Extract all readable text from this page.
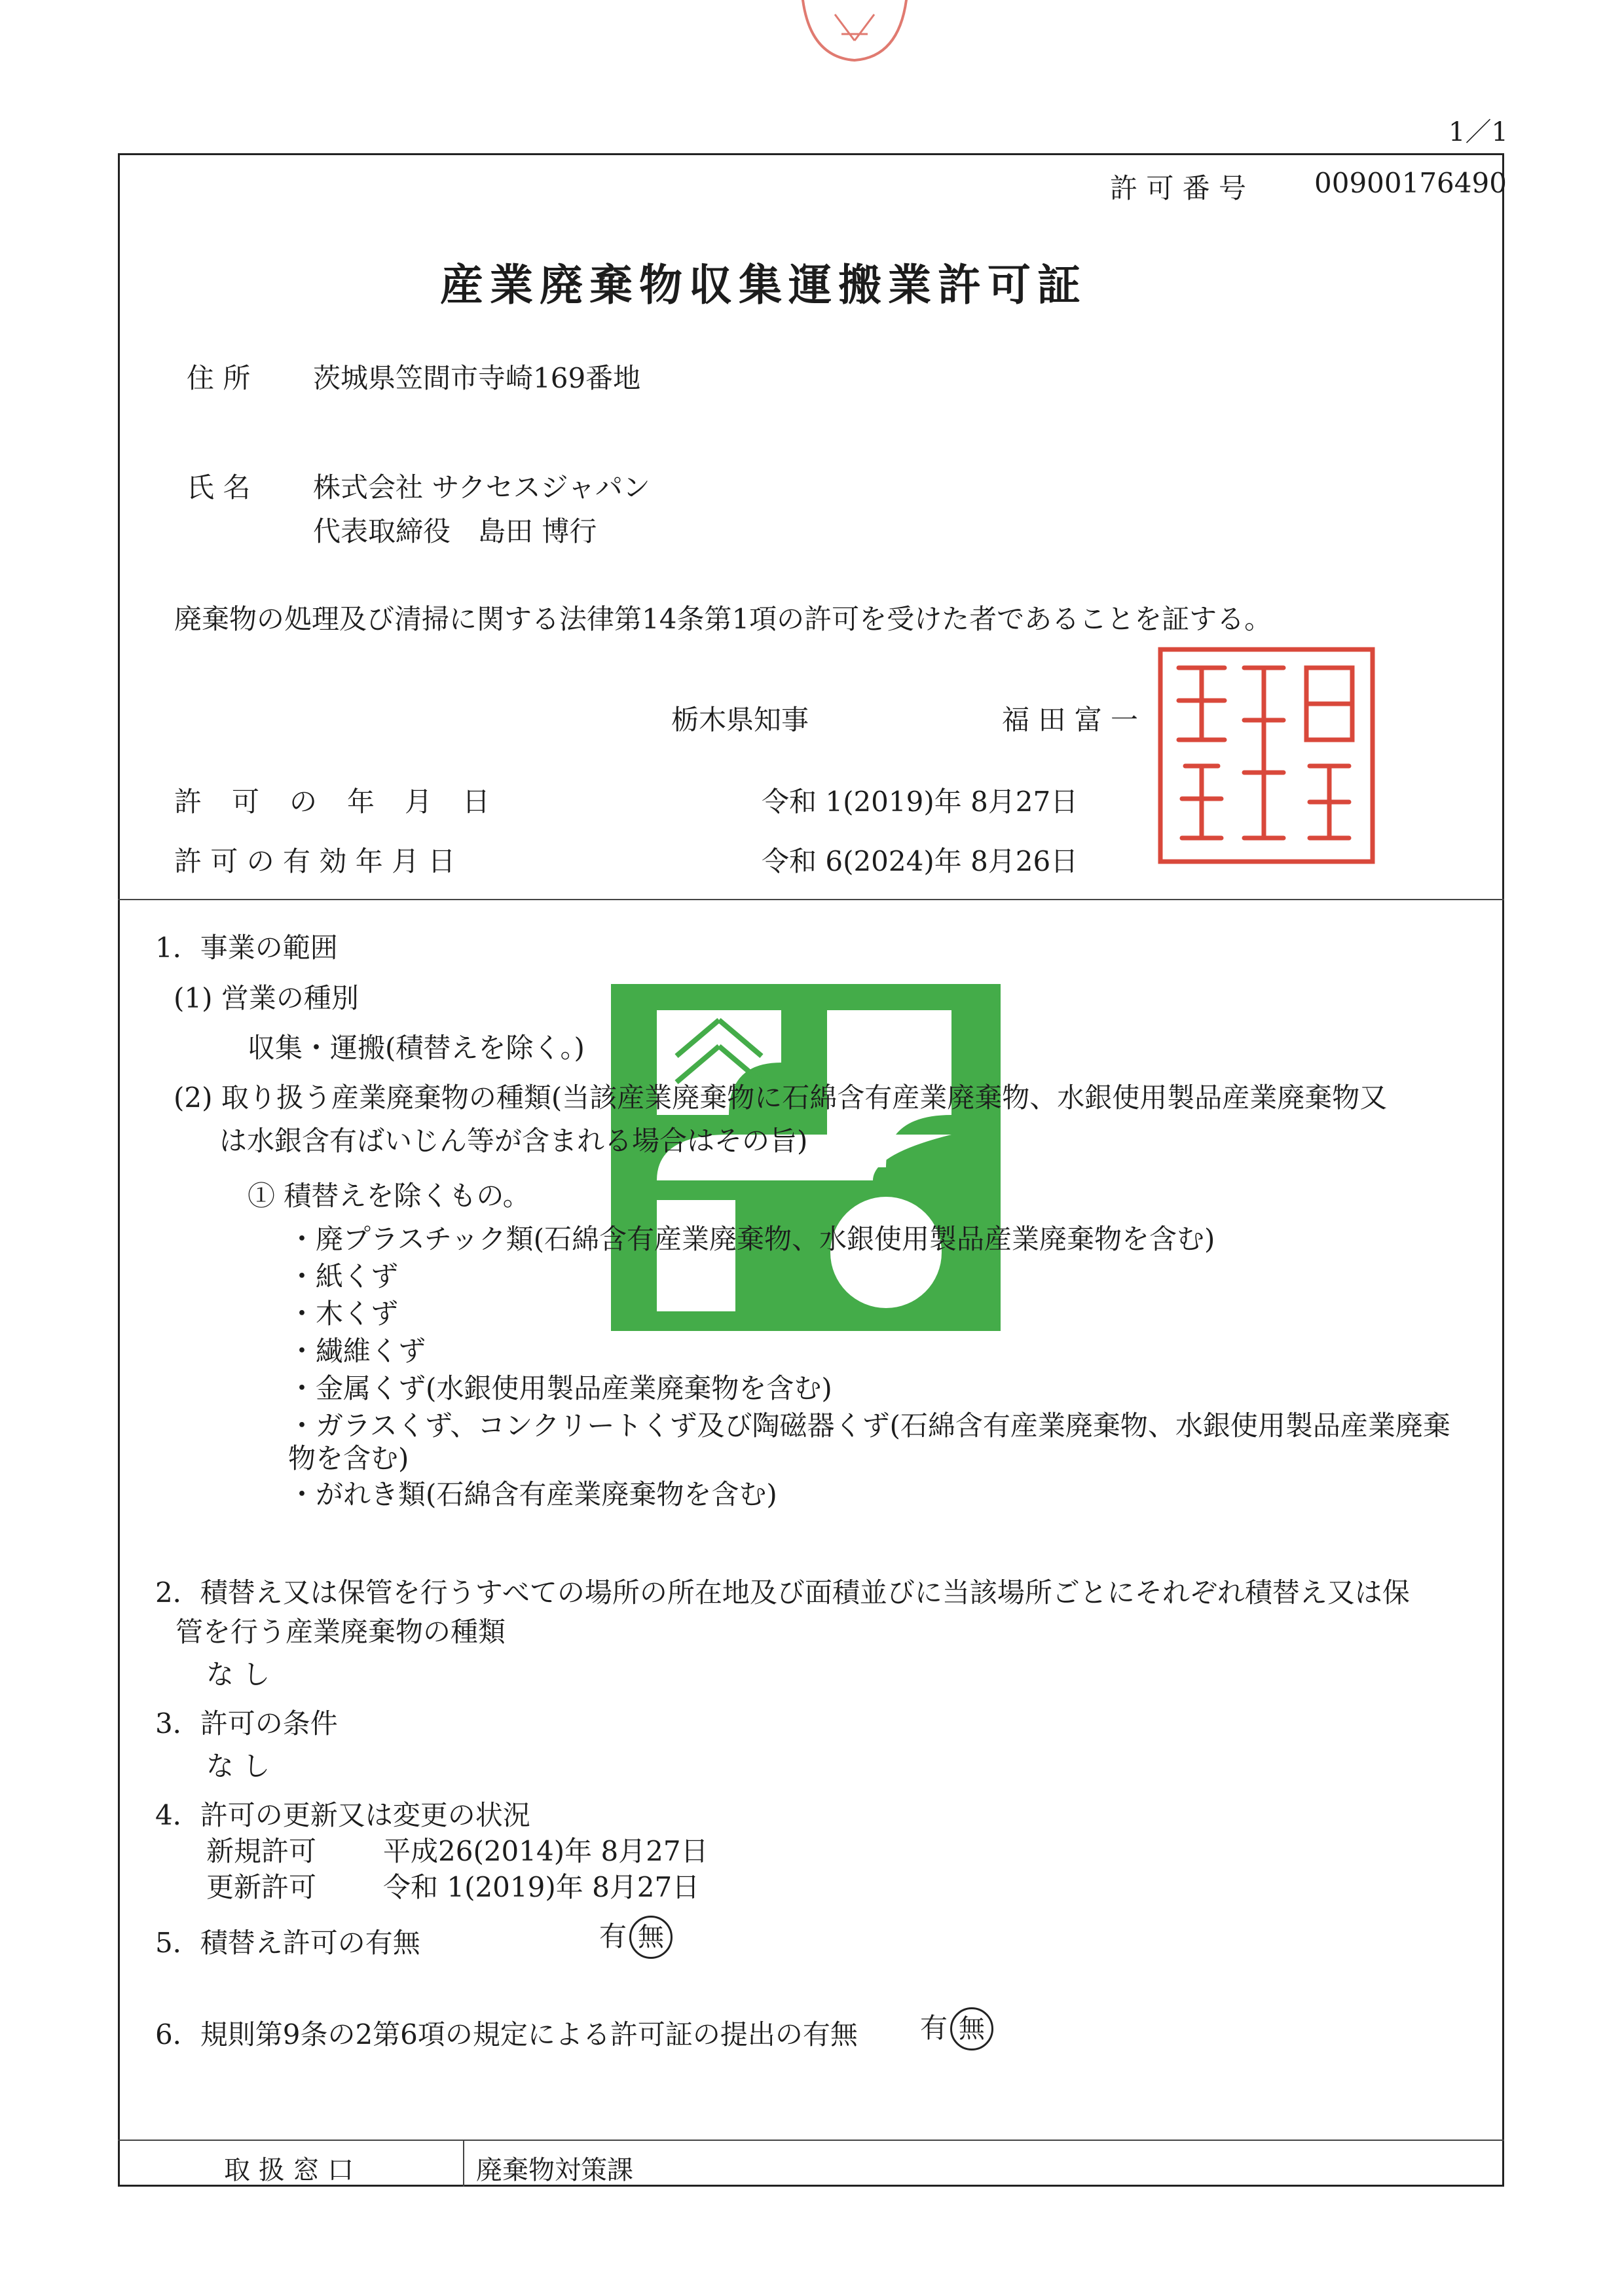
1／1
許 可 番 号 00900176490
産業廃棄物収集運搬業許可証
住 所 茨城県笠間市寺崎169番地
氏 名 株式会社 サクセスジャパン
代表取締役　島田 博行
廃棄物の処理及び清掃に関する法律第14条第1項の許可を受けた者であることを証する。
栃木県知事	福 田 富 一
許　可　の　年　月　日	令和 1(2019)年 8月27日
許 可 の 有 効 年 月 日	令和 6(2024)年 8月26日
1．事業の範囲
(1) 営業の種別
収集・運搬(積替えを除く。)
(2) 取り扱う産業廃棄物の種類(当該産業廃棄物に石綿含有産業廃棄物、水銀使用製品産業廃棄物又
は水銀含有ばいじん等が含まれる場合はその旨)
① 積替えを除くもの。
・廃プラスチック類(石綿含有産業廃棄物、水銀使用製品産業廃棄物を含む)
・紙くず
・木くず
・繊維くず
・金属くず(水銀使用製品産業廃棄物を含む)
・ガラスくず、コンクリートくず及び陶磁器くず(石綿含有産業廃棄物、水銀使用製品産業廃棄
物を含む)
・がれき類(石綿含有産業廃棄物を含む)
2．積替え又は保管を行うすべての場所の所在地及び面積並びに当該場所ごとにそれぞれ積替え又は保
管を行う産業廃棄物の種類
な し
3．許可の条件
な し
4．許可の更新又は変更の状況
新規許可 平成26(2014)年 8月27日
更新許可 令和 1(2019)年 8月27日
5．積替え許可の有無	有 無
6．規則第9条の2第6項の規定による許可証の提出の有無 有 無
取 扱 窓 口	廃棄物対策課
